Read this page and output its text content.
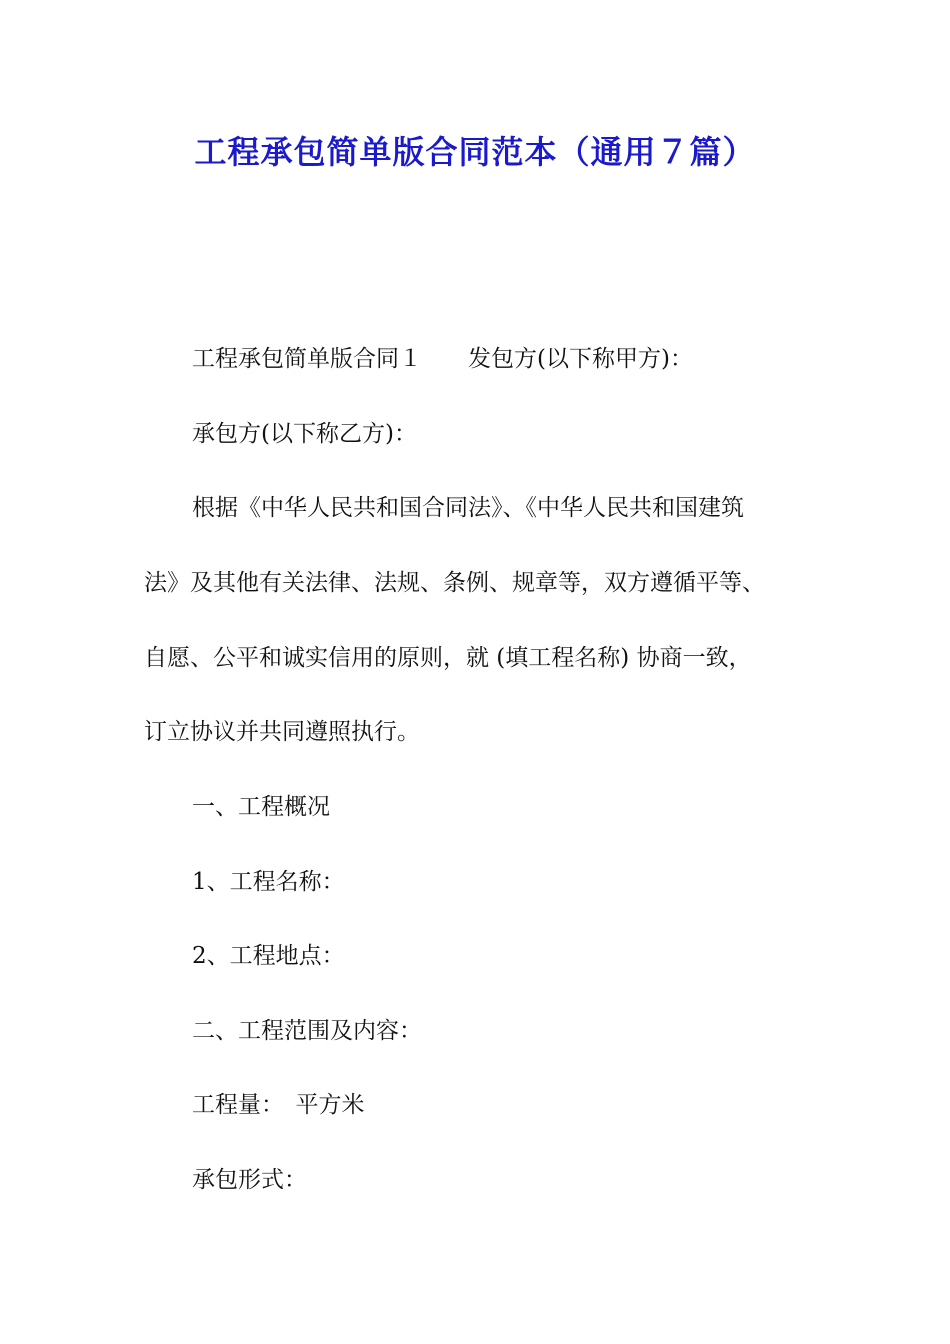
工程承包简单版合同范本（通用７篇）

工程承包简单版合同１ 发包方(以下称甲方)：

承包方(以下称乙方)：

根据《中华人民共和国合同法》、《中华人民共和国建筑

法》及其他有关法律、法规、条例、规章等，双方遵循平等、

自愿、公平和诚实信用的原则，就 (填工程名称) 协商一致，

订立协议并共同遵照执行。

一、工程概况

1、工程名称：

2、工程地点：

二、工程范围及内容：

工程量：　平方米

承包形式：
